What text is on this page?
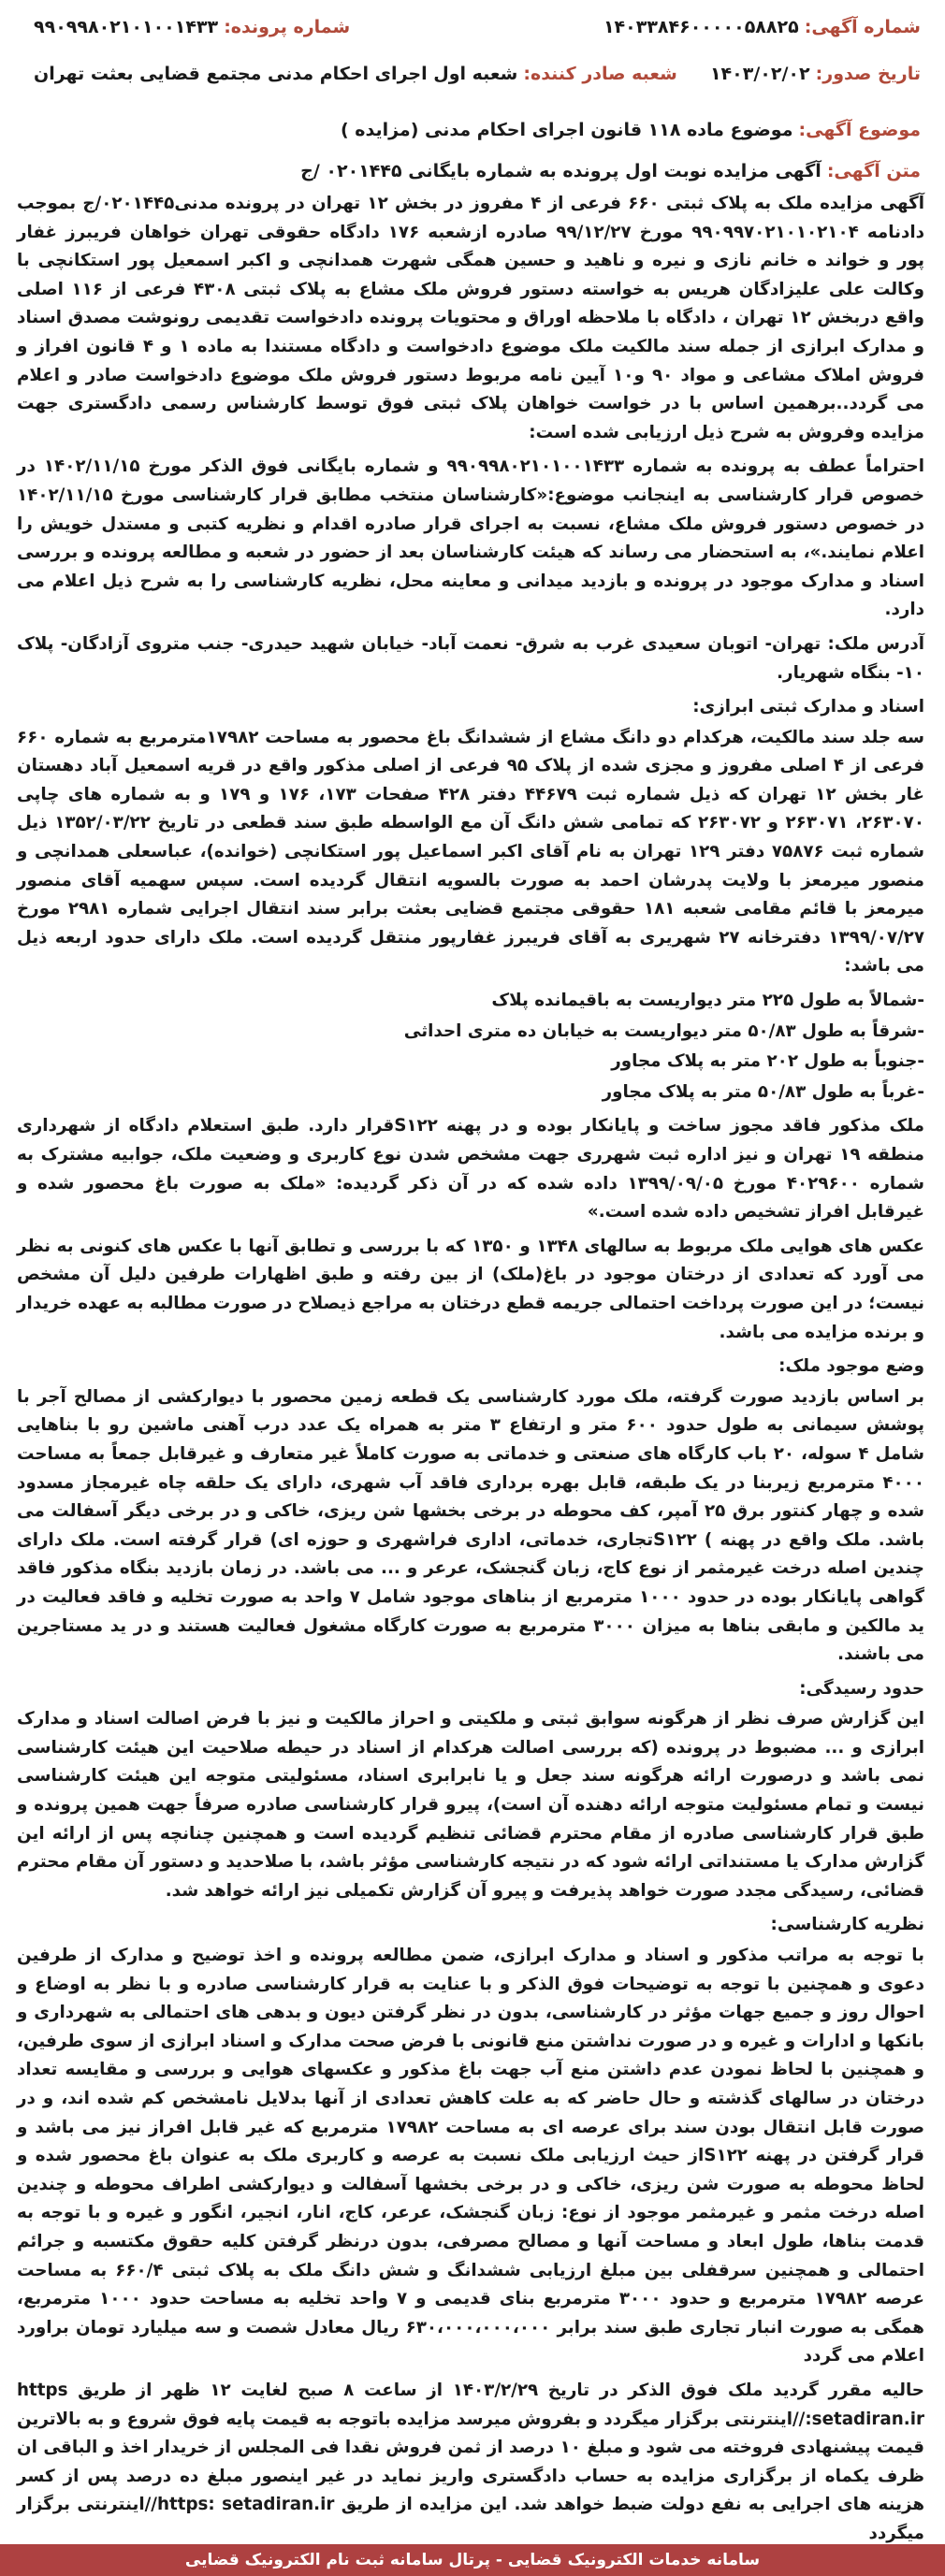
شماره آگهی: ۱۴۰۳۳۸۴۶۰۰۰۰۰۵۸۸۲۵
شماره پرونده: ۹۹۰۹۹۸۰۲۱۰۱۰۰۱۴۳۳
تاریخ صدور: ۱۴۰۳/۰۲/۰۲
شعبه صادر کننده: شعبه اول اجرای احکام مدنی مجتمع قضایی بعثت تهران
موضوع آگهی: موضوع ماده ۱۱۸ قانون اجرای احکام مدنی (مزایده )
متن آگهی: آگهی مزایده نوبت اول پرونده به شماره بایگانی ۰۲۰۱۴۴۵ /ج

آگهی مزایده ملک به پلاک ثبتی ۶۶۰ فرعی از ۴ مفروز در بخش ۱۲ تهران در پرونده مدنی۰۲۰۱۴۴۵/ج بموجب دادنامه ۹۹۰۹۹۷۰۲۱۰۱۰۲۱۰۴ مورخ ۹۹/۱۲/۲۷ صادره ازشعبه ۱۷۶ دادگاه حقوقی تهران خواهان فریبرز غفار پور و خواند ه خانم نازی و نیره و ناهید و حسین همگی شهرت همدانچی و اکبر اسمعیل پور استکانچی با وکالت علی علیزادگان هریس به خواسته دستور فروش ملک مشاع به پلاک ثبتی ۴۳۰۸ فرعی از ۱۱۶ اصلی واقع دربخش ۱۲ تهران ، دادگاه با ملاحظه اوراق و محتویات پرونده دادخواست تقدیمی رونوشت مصدق اسناد و مدارک ابرازی از جمله سند مالکیت ملک موضوع دادخواست و دادگاه مستندا به ماده ۱ و ۴ قانون افراز و فروش املاک مشاعی و مواد ۹۰ و۱۰ آیین نامه مربوط دستور فروش ملک موضوع دادخواست صادر و اعلام می گردد..برهمین اساس با در خواست خواهان پلاک ثبتی فوق توسط کارشناس رسمی دادگستری جهت مزایده وفروش به شرح ذیل ارزیابی شده است:

احتراماً عطف به پرونده به شماره ۹۹۰۹۹۸۰۲۱۰۱۰۰۱۴۳۳ و شماره بایگانی فوق الذکر مورخ ۱۴۰۲/۱۱/۱۵ در خصوص قرار کارشناسی به اینجانب موضوع:«کارشناسان منتخب مطابق قرار کارشناسی مورخ ۱۴۰۲/۱۱/۱۵ در خصوص دستور فروش ملک مشاع، نسبت به اجرای قرار صادره اقدام و نظریه کتبی و مستدل خویش را اعلام نمایند.»، به استحضار می رساند که هیئت کارشناسان بعد از حضور در شعبه و مطالعه پرونده و بررسی اسناد و مدارک موجود در پرونده و بازدید میدانی و معاینه محل، نظریه کارشناسی را به شرح ذیل اعلام می دارد.

آدرس ملک: تهران- اتوبان سعیدی غرب به شرق- نعمت آباد- خیابان شهید حیدری- جنب متروی آزادگان- پلاک ۱۰- بنگاه شهریار.

اسناد و مدارک ثبتی ابرازی:

سه جلد سند مالکیت، هرکدام دو دانگ مشاع از ششدانگ باغ محصور به مساحت ۱۷۹۸۲مترمربع به شماره ۶۶۰ فرعی از ۴ اصلی مفروز و مجزی شده از پلاک ۹۵ فرعی از اصلی مذکور واقع در قریه اسمعیل آباد دهستان غار بخش ۱۲ تهران که ذیل شماره ثبت ۴۴۶۷۹ دفتر ۴۲۸ صفحات ۱۷۳، ۱۷۶ و ۱۷۹ و به شماره های چاپی ۲۶۳۰۷۰، ۲۶۳۰۷۱ و ۲۶۳۰۷۲ که تمامی شش دانگ آن مع الواسطه طبق سند قطعی در تاریخ ۱۳۵۲/۰۳/۲۲ ذیل شماره ثبت ۷۵۸۷۶ دفتر ۱۲۹ تهران به نام آقای اکبر اسماعیل پور استکانچی (خوانده)، عباسعلی همدانچی و منصور میرمعز با ولایت پدرشان احمد به صورت بالسویه انتقال گردیده است. سپس سهمیه آقای منصور میرمعز با قائم مقامی شعبه ۱۸۱ حقوقی مجتمع قضایی بعثت برابر سند انتقال اجرایی شماره ۲۹۸۱ مورخ ۱۳۹۹/۰۷/۲۷ دفترخانه ۲۷ شهریری به آقای فریبرز غفارپور منتقل گردیده است. ملک دارای حدود اربعه ذیل می باشد:

-شمالاً به طول ۲۲۵ متر دیواریست به باقیمانده پلاک

-شرقاً به طول ۵۰/۸۳ متر دیواریست به خیابان ده متری احداثی

-جنوباً به طول ۲۰۲ متر به پلاک مجاور

-غرباً به طول ۵۰/۸۳ متر به پلاک مجاور

ملک مذکور فاقد مجوز ساخت و پایانکار بوده و در پهنه S۱۲۲قرار دارد. طبق استعلام دادگاه از شهرداری منطقه ۱۹ تهران و نیز اداره ثبت شهرری جهت مشخص شدن نوع کاربری و وضعیت ملک، جوابیه مشترک به شماره ۴۰۲۹۶۰۰ مورخ ۱۳۹۹/۰۹/۰۵ داده شده که در آن ذکر گردیده: «ملک به صورت باغ محصور شده و غیرقابل افراز تشخیص داده شده است.»

عکس های هوایی ملک مربوط به سالهای ۱۳۴۸ و ۱۳۵۰ که با بررسی و تطابق آنها با عکس های کنونی به نظر می آورد که تعدادی از درختان موجود در باغ(ملک) از بین رفته و طبق اظهارات طرفین دلیل آن مشخص نیست؛ در این صورت پرداخت احتمالی جریمه قطع درختان به مراجع ذیصلاح در صورت مطالبه به عهده خریدار و برنده مزایده می باشد.

وضع موجود ملک:

بر اساس بازدید صورت گرفته، ملک مورد کارشناسی یک قطعه زمین محصور با دیوارکشی از مصالح آجر با پوشش سیمانی به طول حدود ۶۰۰ متر و ارتفاع ۳ متر به همراه یک عدد درب آهنی ماشین رو با بناهایی شامل ۴ سوله، ۲۰ باب کارگاه های صنعتی و خدماتی به صورت کاملاً غیر متعارف و غیرقابل جمعاً به مساحت ۴۰۰۰ مترمربع زیربنا در یک طبقه، قابل بهره برداری فاقد آب شهری، دارای یک حلقه چاه غیرمجاز مسدود شده و چهار کنتور برق ۲۵ آمپر، کف محوطه در برخی بخشها شن ریزی، خاکی و در برخی دیگر آسفالت می باشد. ملک واقع در پهنه ) S۱۲۲تجاری، خدماتی، اداری فراشهری و حوزه ای) قرار گرفته است. ملک دارای چندین اصله درخت غیرمثمر از نوع کاج، زبان گنجشک، عرعر و ... می باشد. در زمان بازدید بنگاه مذکور فاقد گواهی پایانکار بوده در حدود ۱۰۰۰ مترمربع از بناهای موجود شامل ۷ واحد به صورت تخلیه و فاقد فعالیت در ید مالکین و مابقی بناها به میزان ۳۰۰۰ مترمربع به صورت کارگاه مشغول فعالیت هستند و در ید مستاجرین می باشند.

حدود رسیدگی:

این گزارش صرف نظر از هرگونه سوابق ثبتی و ملکیتی و احراز مالکیت و نیز با فرض اصالت اسناد و مدارک ابرازی و ... مضبوط در پرونده (که بررسی اصالت هرکدام از اسناد در حیطه صلاحیت این هیئت کارشناسی نمی باشد و درصورت ارائه هرگونه سند جعل و یا نابرابری اسناد، مسئولیتی متوجه این هیئت کارشناسی نیست و تمام مسئولیت متوجه ارائه دهنده آن است)، پیرو قرار کارشناسی صادره صرفاً جهت همین پرونده و طبق قرار کارشناسی صادره از مقام محترم قضائی تنظیم گردیده است و همچنین چنانچه پس از ارائه این گزارش مدارک یا مستنداتی ارائه شود که در نتیجه کارشناسی مؤثر باشد، با صلاحدید و دستور آن مقام محترم قضائی، رسیدگی مجدد صورت خواهد پذیرفت و پیرو آن گزارش تکمیلی نیز ارائه خواهد شد.

نظریه کارشناسی:

با توجه به مراتب مذکور و اسناد و مدارک ابرازی، ضمن مطالعه پرونده و اخذ توضیح و مدارک از طرفین دعوی و همچنین با توجه به توضیحات فوق الذکر و با عنایت به قرار کارشناسی صادره و با نظر به اوضاع و احوال روز و جمیع جهات مؤثر در کارشناسی، بدون در نظر گرفتن دیون و بدهی های احتمالی به شهرداری و بانکها و ادارات و غیره و در صورت نداشتن منع قانونی با فرض صحت مدارک و اسناد ابرازی از سوی طرفین، و همچنین با لحاظ نمودن عدم داشتن منع آب جهت باغ مذکور و عکسهای هوایی و بررسی و مقایسه تعداد درختان در سالهای گذشته و حال حاضر که به علت کاهش تعدادی از آنها بدلایل نامشخص کم شده اند، و در صورت قابل انتقال بودن سند برای عرصه ای به مساحت ۱۷۹۸۲ مترمربع که غیر قابل افراز نیز می باشد و قرار گرفتن در پهنه S۱۲۲از حیث ارزیابی ملک نسبت به عرصه و کاربری ملک به عنوان باغ محصور شده و لحاظ محوطه به صورت شن ریزی، خاکی و در برخی بخشها آسفالت و دیوارکشی اطراف محوطه و چندین اصله درخت مثمر و غیرمثمر موجود از نوع: زبان گنجشک، عرعر، کاج، انار، انجیر، انگور و غیره و با توجه به قدمت بناها، طول ابعاد و مساحت آنها و مصالح مصرفی، بدون درنظر گرفتن کلیه حقوق مکتسبه و جرائم احتمالی و همچنین سرقفلی بین مبلغ ارزیابی ششدانگ و شش دانگ ملک به پلاک ثبتی ۶۶۰/۴ به مساحت عرصه ۱۷۹۸۲ مترمربع و حدود ۳۰۰۰ مترمربع بنای قدیمی و ۷ واحد تخلیه به مساحت حدود ۱۰۰۰ مترمربع، همگی به صورت انبار تجاری طبق سند برابر ۶۳۰،۰۰۰،۰۰۰،۰۰۰ ریال معادل شصت و سه میلیارد تومان براورد اعلام می گردد

حالیه مقرر گردید ملک فوق الذکر در تاریخ ۱۴۰۳/۲/۲۹ از ساعت ۸ صبح لغایت ۱۲ ظهر از طریق https :setadiran.ir//اینترنتی برگزار میگردد و بفروش میرسد مزایده باتوجه به قیمت پایه فوق شروع و به بالاترین قیمت پیشنهادی فروخته می شود و مبلغ ۱۰ درصد از ثمن فروش نقدا فی المجلس از خریدار اخذ و الباقی ان ظرف یکماه از برگزاری مزایده به حساب دادگستری واریز نماید در غیر اینصور مبلغ ده درصد پس از کسر هزینه های اجرایی به نفع دولت ضبط خواهد شد. این مزایده از طریق https: setadiran.ir//اینترنتی برگزار میگردد

سامانه خدمات الکترونیک قضایی - پرتال سامانه ثبت نام الکترونیک قضایی
